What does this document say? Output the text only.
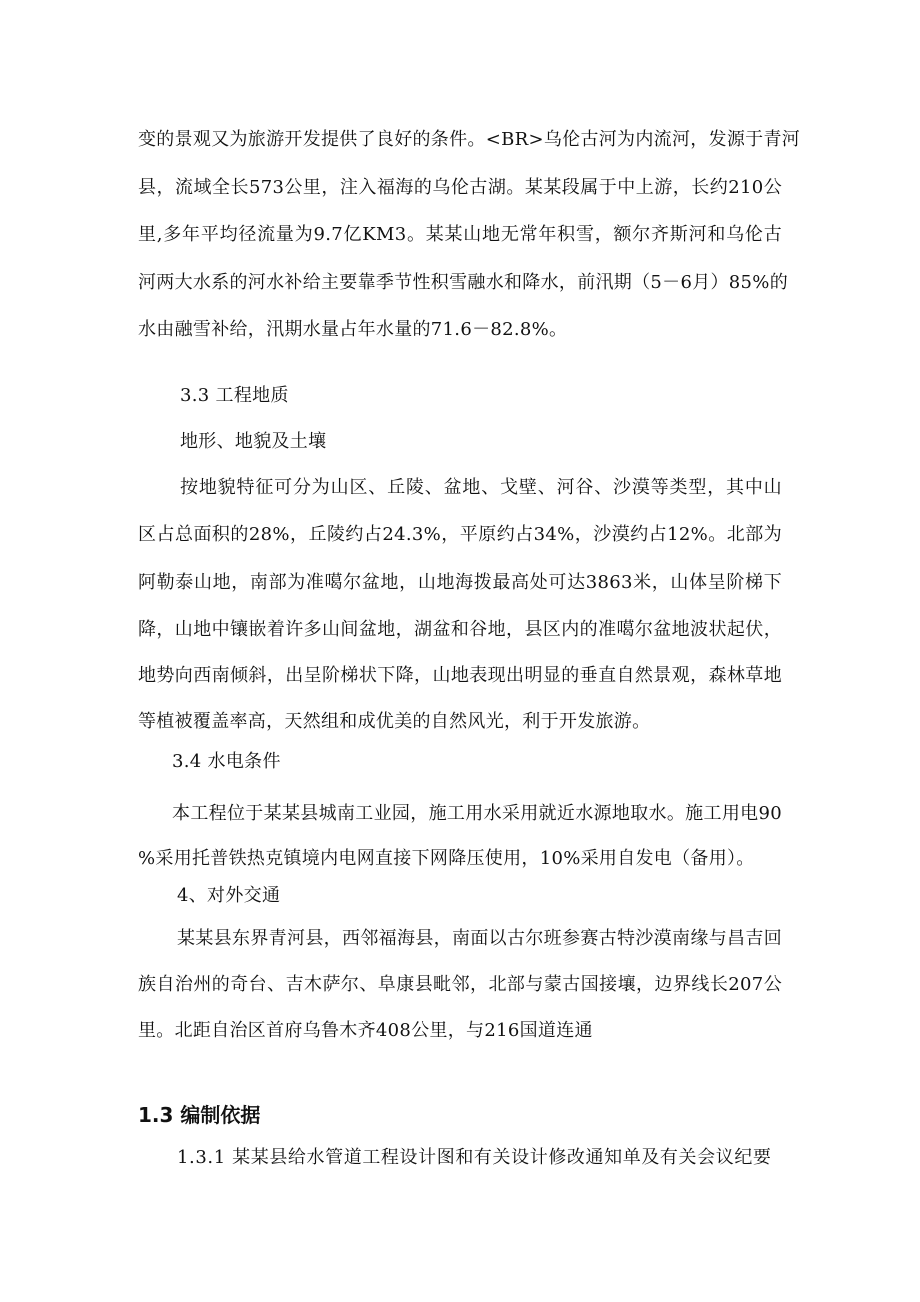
变的景观又为旅游开发提供了良好的条件。<BR>乌伦古河为内流河，发源于青河
县，流域全长573公里，注入福海的乌伦古湖。某某段属于中上游，长约210公
里,多年平均径流量为9.7亿KM3。某某山地无常年积雪，额尔齐斯河和乌伦古
河两大水系的河水补给主要靠季节性积雪融水和降水，前汛期（5－6月）85%的
水由融雪补给，汛期水量占年水量的71.6－82.8%。
3.3 工程地质
地形、地貌及土壤
按地貌特征可分为山区、丘陵、盆地、戈壁、河谷、沙漠等类型，其中山
区占总面积的28%，丘陵约占24.3%，平原约占34%，沙漠约占12%。北部为
阿勒泰山地，南部为准噶尔盆地，山地海拨最高处可达3863米，山体呈阶梯下
降，山地中镶嵌着许多山间盆地，湖盆和谷地，县区内的准噶尔盆地波状起伏，
地势向西南倾斜，出呈阶梯状下降，山地表现出明显的垂直自然景观，森林草地
等植被覆盖率高，天然组和成优美的自然风光，利于开发旅游。
3.4 水电条件
本工程位于某某县城南工业园，施工用水采用就近水源地取水。施工用电90
%采用托普铁热克镇境内电网直接下网降压使用，10%采用自发电（备用）。
4、对外交通
某某县东界青河县，西邻福海县，南面以古尔班参赛古特沙漠南缘与昌吉回
族自治州的奇台、吉木萨尔、阜康县毗邻，北部与蒙古国接壤，边界线长207公
里。北距自治区首府乌鲁木齐408公里，与216国道连通
1.3 编制依据
1.3.1 某某县给水管道工程设计图和有关设计修改通知单及有关会议纪要
